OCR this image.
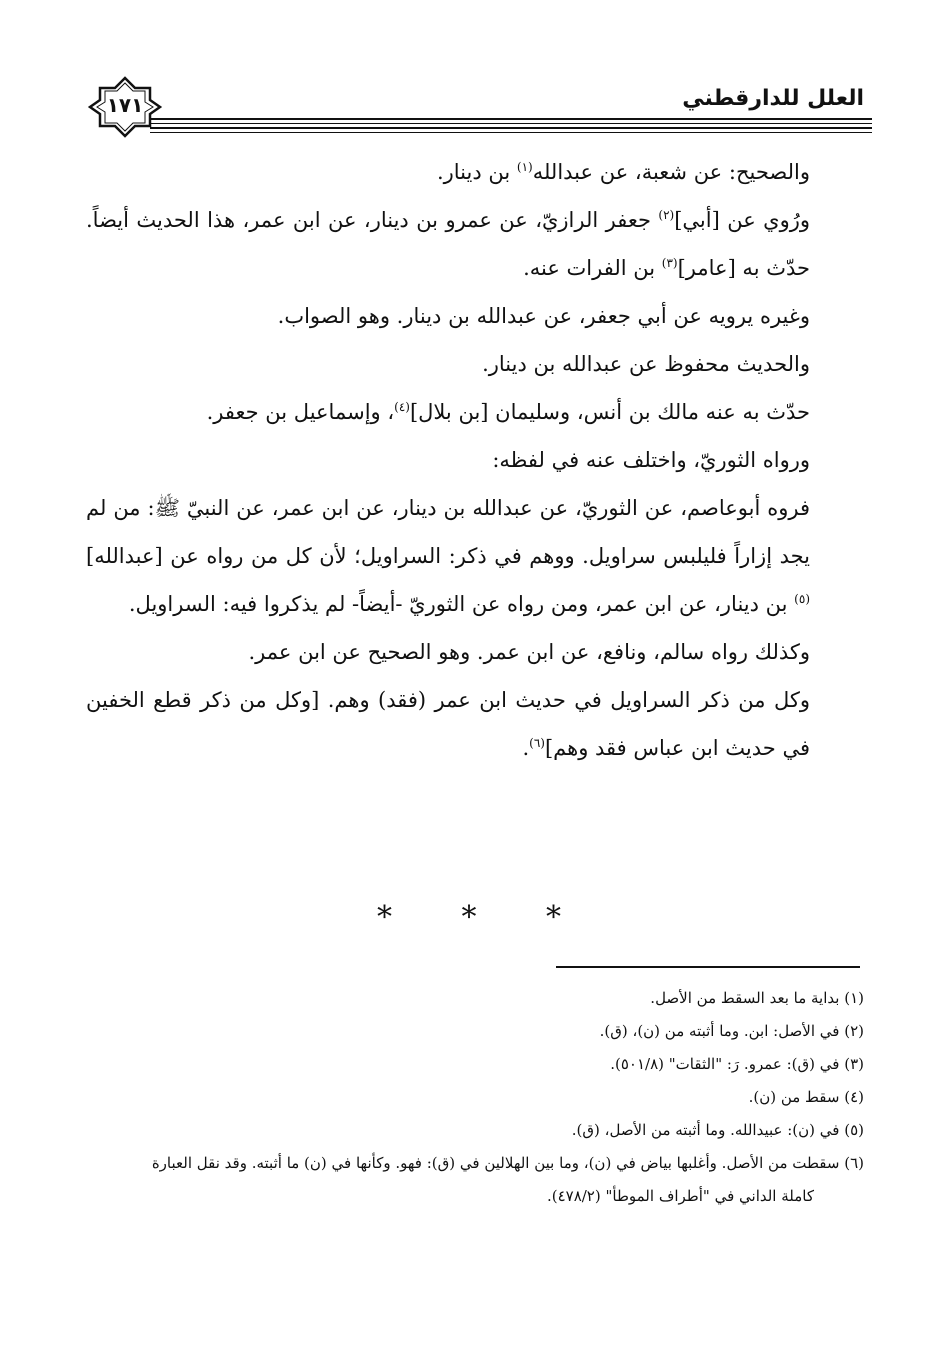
العلل للدارقطني
١٧١

والصحيح: عن شعبة، عن عبدالله$^{(١)}$ بن دينار.

ورُوي عن [أبي]$^{(٢)}$ جعفر الرازيّ، عن عمرو بن دينار، عن ابن عمر، هذا الحديث أيضاً. حدّث به [عامر]$^{(٣)}$ بن الفرات عنه.

وغيره يرويه عن أبي جعفر، عن عبدالله بن دينار. وهو الصواب.

والحديث محفوظ عن عبدالله بن دينار.

حدّث به عنه مالك بن أنس، وسليمان [بن بلال]$^{(٤)}$، وإسماعيل بن جعفر.

ورواه الثوريّ، واختلف عنه في لفظه:

فروه أبوعاصم، عن الثوريّ، عن عبدالله بن دينار، عن ابن عمر، عن النبيّ ﷺ: من لم يجد إزاراً فليلبس سراويل. ووهم في ذكر: السراويل؛ لأن كل من رواه عن [عبدالله]$^{(٥)}$ بن دينار، عن ابن عمر، ومن رواه عن الثوريّ -أيضاً- لم يذكروا فيه: السراويل.

وكذلك رواه سالم، ونافع، عن ابن عمر. وهو الصحيح عن ابن عمر.

وكل من ذكر السراويل في حديث ابن عمر (فقد) وهم. [وكل من ذكر قطع الخفين في حديث ابن عباس فقد وهم]$^{(٦)}$.

* * *

(١) بداية ما بعد السقط من الأصل.

(٢) في الأصل: ابن. وما أثبته من (ن)، (ق).

(٣) في (ق): عمرو. رَ: "الثقات" (٥٠١/٨).

(٤) سقط من (ن).

(٥) في (ن): عبيدالله. وما أثبته من الأصل، (ق).

(٦) سقطت من الأصل. وأغلبها بياض في (ن)، وما بين الهلالين في (ق): فهو. وكأنها في (ن) ما أثبته. وقد نقل العبارة

كاملة الداني في "أطراف الموطأ" (٤٧٨/٢).
